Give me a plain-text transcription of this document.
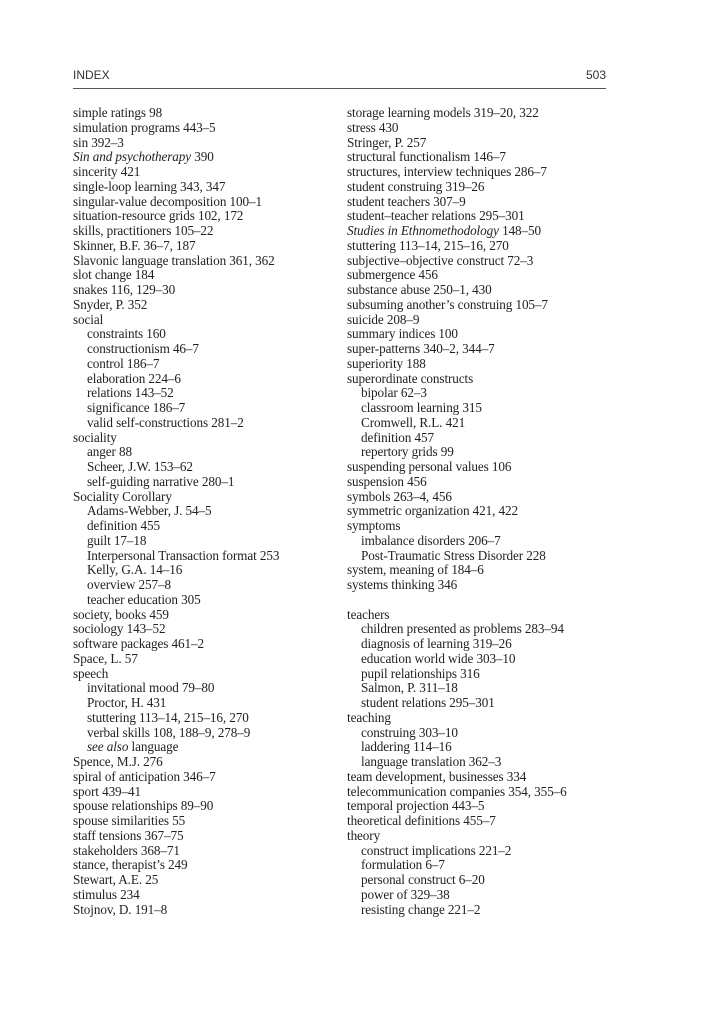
INDEX	503
simple ratings 98
simulation programs 443–5
sin 392–3
Sin and psychotherapy 390
sincerity 421
single-loop learning 343, 347
singular-value decomposition 100–1
situation-resource grids 102, 172
skills, practitioners 105–22
Skinner, B.F. 36–7, 187
Slavonic language translation 361, 362
slot change 184
snakes 116, 129–30
Snyder, P. 352
social
constraints 160
constructionism 46–7
control 186–7
elaboration 224–6
relations 143–52
significance 186–7
valid self-constructions 281–2
sociality
anger 88
Scheer, J.W. 153–62
self-guiding narrative 280–1
Sociality Corollary
Adams-Webber, J. 54–5
definition 455
guilt 17–18
Interpersonal Transaction format 253
Kelly, G.A. 14–16
overview 257–8
teacher education 305
society, books 459
sociology 143–52
software packages 461–2
Space, L. 57
speech
invitational mood 79–80
Proctor, H. 431
stuttering 113–14, 215–16, 270
verbal skills 108, 188–9, 278–9
see also language
Spence, M.J. 276
spiral of anticipation 346–7
sport 439–41
spouse relationships 89–90
spouse similarities 55
staff tensions 367–75
stakeholders 368–71
stance, therapist’s 249
Stewart, A.E. 25
stimulus 234
Stojnov, D. 191–8
storage learning models 319–20, 322
stress 430
Stringer, P. 257
structural functionalism 146–7
structures, interview techniques 286–7
student construing 319–26
student teachers 307–9
student–teacher relations 295–301
Studies in Ethnomethodology 148–50
stuttering 113–14, 215–16, 270
subjective–objective construct 72–3
submergence 456
substance abuse 250–1, 430
subsuming another’s construing 105–7
suicide 208–9
summary indices 100
super-patterns 340–2, 344–7
superiority 188
superordinate constructs
bipolar 62–3
classroom learning 315
Cromwell, R.L. 421
definition 457
repertory grids 99
suspending personal values 106
suspension 456
symbols 263–4, 456
symmetric organization 421, 422
symptoms
imbalance disorders 206–7
Post-Traumatic Stress Disorder 228
system, meaning of 184–6
systems thinking 346
teachers
children presented as problems 283–94
diagnosis of learning 319–26
education world wide 303–10
pupil relationships 316
Salmon, P. 311–18
student relations 295–301
teaching
construing 303–10
laddering 114–16
language translation 362–3
team development, businesses 334
telecommunication companies 354, 355–6
temporal projection 443–5
theoretical definitions 455–7
theory
construct implications 221–2
formulation 6–7
personal construct 6–20
power of 329–38
resisting change 221–2
